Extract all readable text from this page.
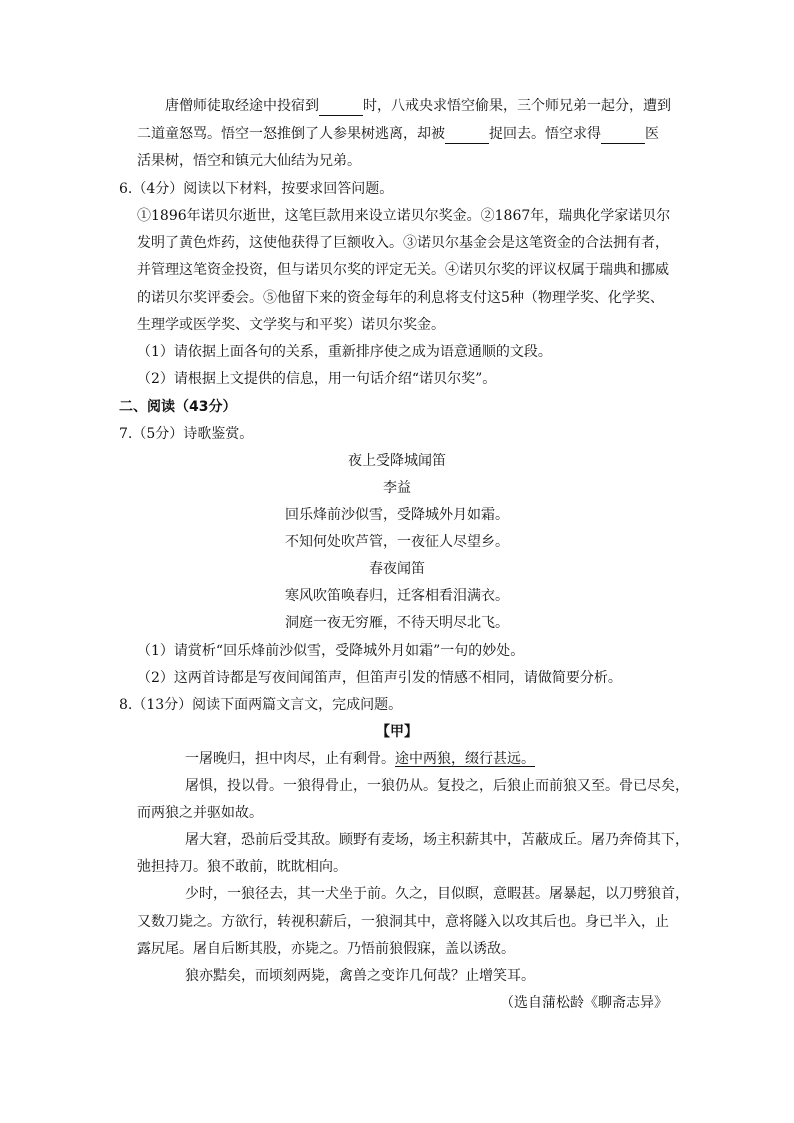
唐僧师徒取经途中投宿到	时，八戒央求悟空偷果，三个师兄弟一起分，遭到
二道童怒骂。悟空一怒推倒了人参果树逃离，却被	捉回去。悟空求得	医
活果树，悟空和镇元大仙结为兄弟。
6.（4分）阅读以下材料，按要求回答问题。
①1896年诺贝尔逝世，这笔巨款用来设立诺贝尔奖金。②1867年，瑞典化学家诺贝尔
发明了黄色炸药，这使他获得了巨额收入。③诺贝尔基金会是这笔资金的合法拥有者，
并管理这笔资金投资，但与诺贝尔奖的评定无关。④诺贝尔奖的评议权属于瑞典和挪威
的诺贝尔奖评委会。⑤他留下来的资金每年的利息将支付这5种（物理学奖、化学奖、
生理学或医学奖、文学奖与和平奖）诺贝尔奖金。
（1）请依据上面各句的关系，重新排序使之成为语意通顺的文段。
（2）请根据上文提供的信息，用一句话介绍“诺贝尔奖”。
二、阅读（43分）
7.（5分）诗歌鉴赏。
夜上受降城闻笛
李益
回乐烽前沙似雪，受降城外月如霜。
不知何处吹芦管，一夜征人尽望乡。
春夜闻笛
寒风吹笛唤春归，迁客相看泪满衣。
洞庭一夜无穷雁，不待天明尽北飞。
（1）请赏析“回乐烽前沙似雪，受降城外月如霜”一句的妙处。
（2）这两首诗都是写夜间闻笛声，但笛声引发的情感不相同，请做简要分析。
8.（13分）阅读下面两篇文言文，完成问题。
【甲】
一屠晚归，担中肉尽，止有剩骨。途中两狼，缀行甚远。
屠惧，投以骨。一狼得骨止，一狼仍从。复投之，后狼止而前狼又至。骨已尽矣，
而两狼之并驱如故。
屠大窘，恐前后受其敌。顾野有麦场，场主积薪其中，苫蔽成丘。屠乃奔倚其下，
弛担持刀。狼不敢前，眈眈相向。
少时，一狼径去，其一犬坐于前。久之，目似瞑，意暇甚。屠暴起，以刀劈狼首，
又数刀毙之。方欲行，转视积薪后，一狼洞其中，意将隧入以攻其后也。身已半入，止
露尻尾。屠自后断其股，亦毙之。乃悟前狼假寐，盖以诱敌。
狼亦黠矣，而顷刻两毙，禽兽之变诈几何哉？止增笑耳。
（选自蒲松龄《聊斋志异》
